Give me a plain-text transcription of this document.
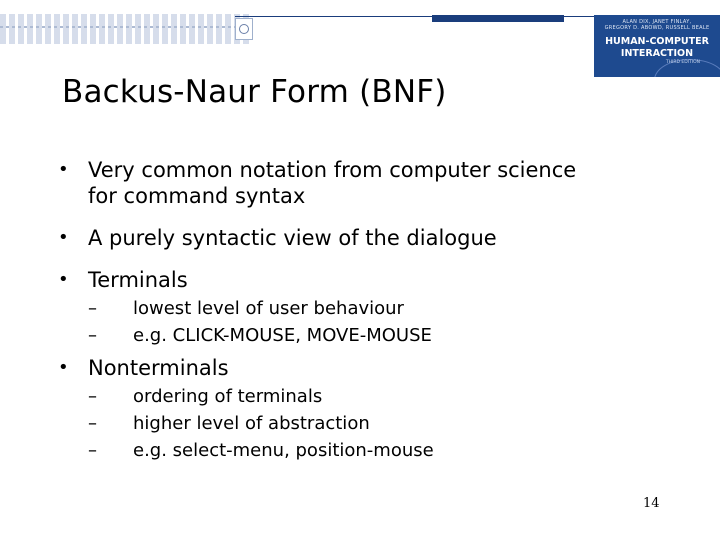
ALAN DIX, JANET FINLAY,
GREGORY D. ABOWD, RUSSELL BEALE
HUMAN-COMPUTER
INTERACTION
THIRD EDITION
Backus-Naur Form (BNF)
• Very common notation from computer science
for command syntax
• A purely syntactic view of the dialogue
• Terminals
– lowest level of user behaviour
– e.g. CLICK-MOUSE, MOVE-MOUSE
• Nonterminals
– ordering of terminals
– higher level of abstraction
– e.g. select-menu, position-mouse
14
